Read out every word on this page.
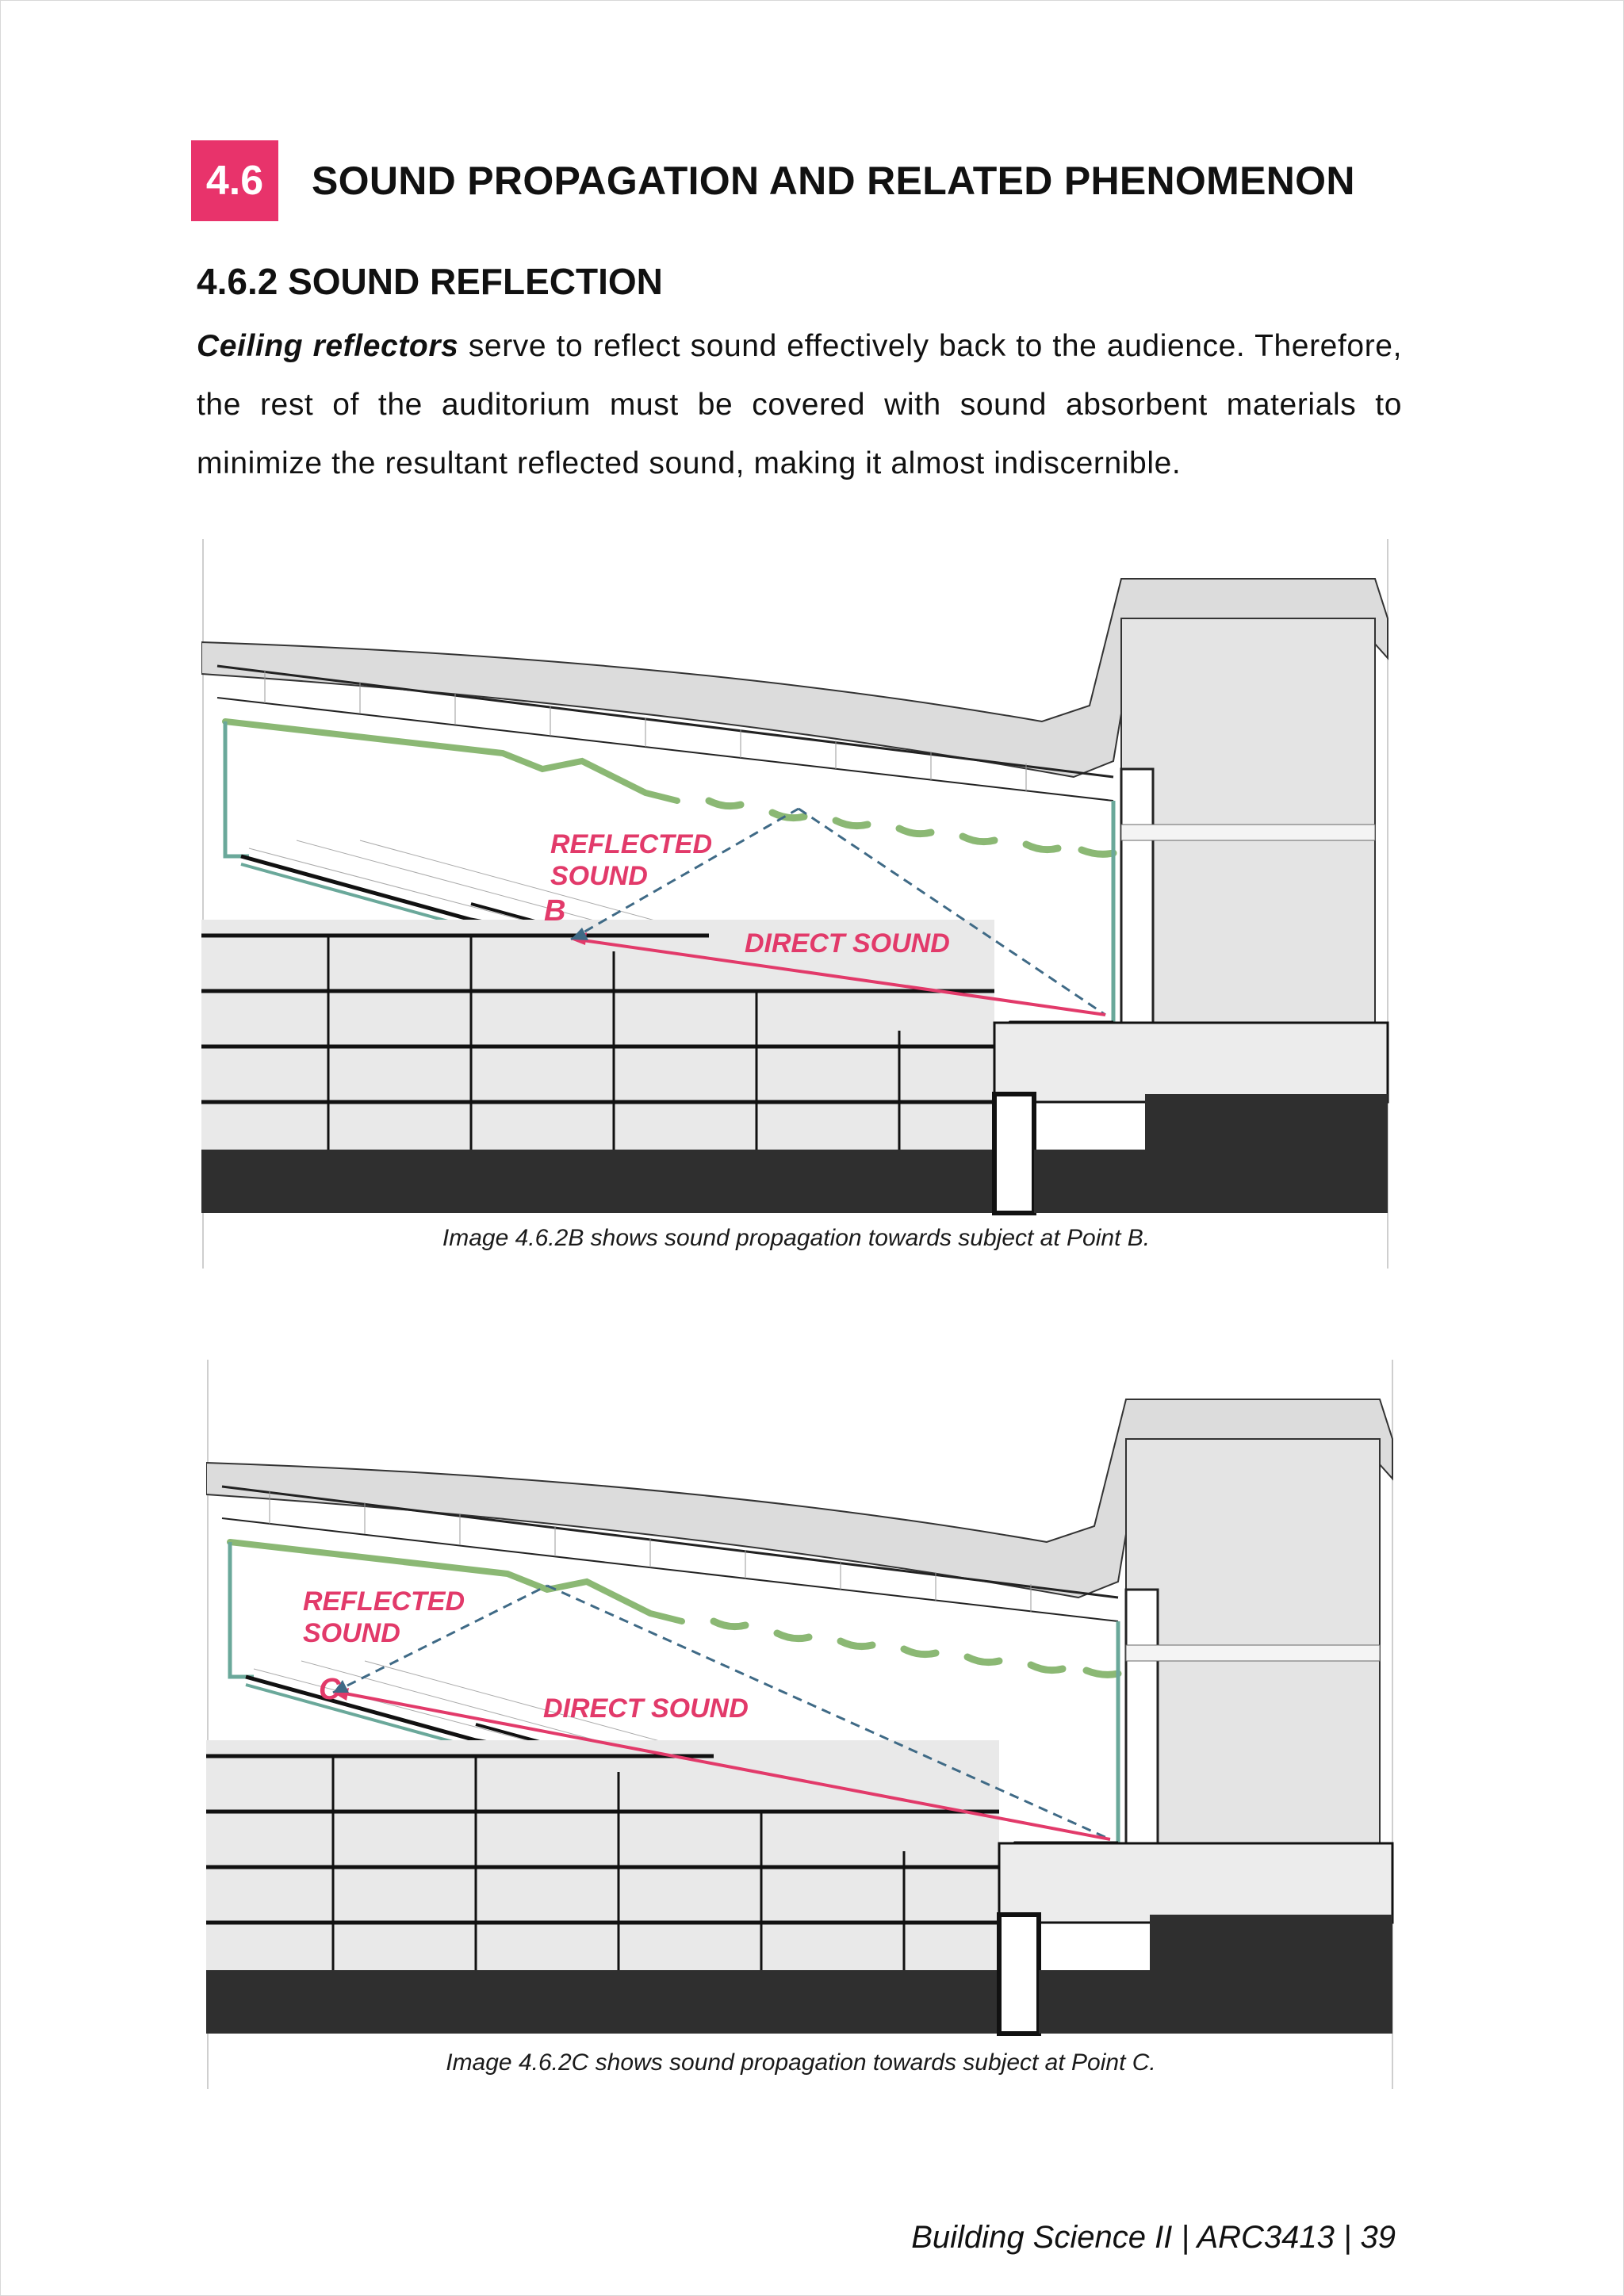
4.6	SOUND PROPAGATION AND RELATED PHENOMENON
4.6.2 SOUND REFLECTION

Ceiling reflectors serve to reflect sound effectively back to the audience. Therefore, the rest of the auditorium must be covered with sound absorbent materials to minimize the resultant reflected sound, making it almost indiscernible.

REFLECTED
SOUND
DIRECT SOUND
B
Image 4.6.2B shows sound propagation towards subject at Point B.
REFLECTED
SOUND
DIRECT SOUND
C
Image 4.6.2C shows sound propagation towards subject at Point C.
Building Science II | ARC3413 | 39
